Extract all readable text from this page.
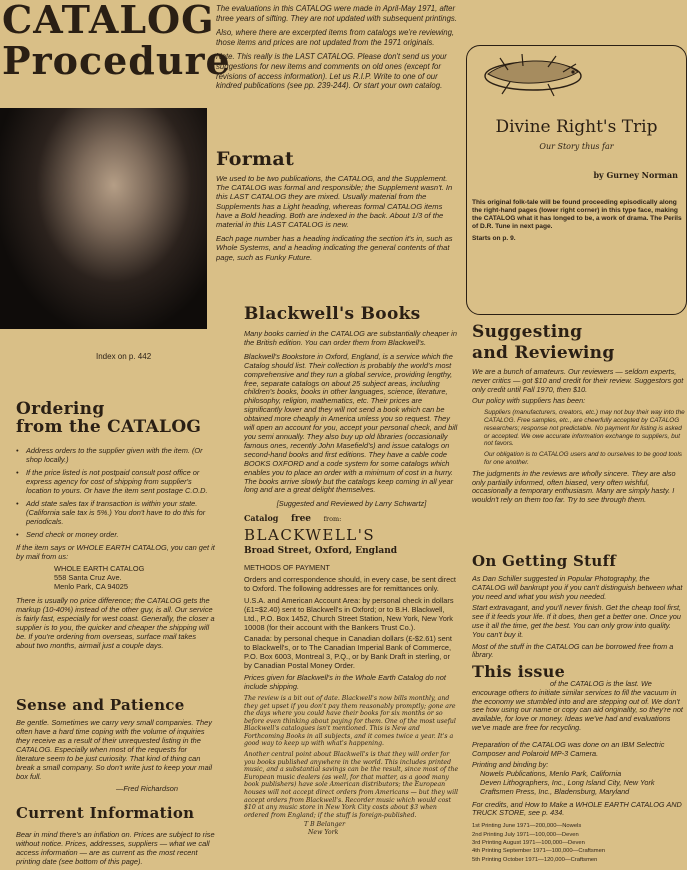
CATALOG
Procedure
Index on p. 442

The evaluations in this CATALOG were made in April-May 1971, after three years of sifting. They are not updated with subsequent printings.

Also, where there are excerpted items from catalogs we're reviewing, those items and prices are not updated from the 1971 originals.

Note. This really is the LAST CATALOG. Please don't send us your suggestions for new items and comments on old ones (except for revisions of access information). Let us R.I.P. Write to one of our kindred publications (see pp. 239-244). Or start your own catalog.

Format

We used to be two publications, the CATALOG, and the Supplement. The CATALOG was formal and responsible; the Supplement wasn't. In this LAST CATALOG they are mixed. Usually material from the Supplements has a Light heading, whereas formal CATALOG items have a Bold heading. Both are indexed in the back. About 1/3 of the material in this LAST CATALOG is new.

Each page number has a heading indicating the section it's in, such as Whole Systems, and a heading indicating the general contents of that page, such as Funky Future.

Divine Right's Trip
Our Story thus far
by Gurney Norman

This original folk-tale will be found proceeding episodically along the right-hand pages (lower right corner) in this type face, making the CATALOG what it has longed to be, a work of drama. The Perils of D.R. Tune in next page.

Starts on p. 9.

Ordering
from the CATALOG
• Address orders to the supplier given with the item. (Or shop locally.)
• If the price listed is not postpaid consult post office or express agency for cost of shipping from supplier's location to yours. Or have the item sent postage C.O.D.
• Add state sales tax if transaction is within your state. (California sale tax is 5%.) You don't have to do this for periodicals.
• Send check or money order.

If the item says or WHOLE EARTH CATALOG, you can get it by mail from us:

WHOLE EARTH CATALOG
558 Santa Cruz Ave.
Menlo Park, CA 94025

There is usually no price difference; the CATALOG gets the markup (10-40%) instead of the other guy, is all. Our service is fairly fast, especially for west coast. Generally, the closer a supplier is to you, the quicker and cheaper the shipping will be. If you're ordering from overseas, surface mail takes about two months, airmail just a couple days.

Sense and Patience

Be gentle. Sometimes we carry very small companies. They often have a hard time coping with the volume of inquiries they receive as a result of their unrequested listing in the CATALOG. Especially when most of the requests for literature seem to be just curiosity. That kind of thing can break a small company. So don't write just to keep your mail box full.

—Fred Richardson
Current Information

Bear in mind there's an inflation on. Prices are subject to rise without notice. Prices, addresses, suppliers — what we call access information — are as current as the most recent printing date (see bottom of this page).

Blackwell's Books

Many books carried in the CATALOG are substantially cheaper in the British edition. You can order them from Blackwell's.

Blackwell's Bookstore in Oxford, England, is a service which the Catalog should list. Their collection is probably the world's most comprehensive and they run a global service, providing lengthy, free, separate catalogs on about 25 subject areas, including children's books, books in other languages, science, literature, philosophy, religion, mathematics, etc. Their prices are significantly lower and they will not send a book which can be obtained more cheaply in America unless you so request. They will open an account for you, accept your personal check, and bill you semi annually. They also buy up old libraries (occasionally famous ones, recently John Masefield's) and issue catalogs on second-hand books and first editions. They have a cable code BOOKS OXFORD and a code system for some catalogs which enables you to place an order with a minimum of cost in a hurry. The books arrive slowly but the catalogs keep coming in all year long and are a great delight themselves.

[Suggested and Reviewed by Larry Schwartz]

Catalog free from:
BLACKWELL'S
Broad Street, Oxford, England

METHODS OF PAYMENT

Orders and correspondence should, in every case, be sent direct to Oxford. The following addresses are for remittances only.

U.S.A. and American Account Area: by personal check in dollars (£1=$2.40) sent to Blackwell's in Oxford; or to B.H. Blackwell, Ltd., P.O. Box 1452, Church Street Station, New York, New York 10008 (for their account with the Bankers Trust Co.).

Canada: by personal cheque in Canadian dollars (£-$2.61) sent to Blackwell's, or to The Canadian Imperial Bank of Commerce, P.O. Box 6003, Montreal 3, P.Q., or by Bank Draft in sterling, or by Canadian Postal Money Order.

Prices given for Blackwell's in the Whole Earth Catalog do not include shipping.

The review is a bit out of date. Blackwell's now bills monthly, and they get upset if you don't pay them reasonably promptly; gone are the days where you could have their books for six months or so before even thinking about paying for them. One of the most useful Blackwell's catalogues isn't mentioned. This is New and Forthcoming Books in all subjects, and it comes twice a year. It's a good way to keep up with what's happening.

Another central point about Blackwell's is that they will order for you books published anywhere in the world. This includes printed music, and a substantial savings can be the result, since most of the European music dealers (as well, for that matter, as a good many book publishers) have sole American distributors; the European houses will not accept direct orders from Americans — but they will accept orders from Blackwell's. Recorder music which would cost $10 at any music store in New York City costs about $3 when ordered from England; if the stuff is foreign-published.

T B Belanger
New York
Suggesting
and Reviewing

We are a bunch of amateurs. Our reviewers — seldom experts, never critics — got $10 and credit for their review. Suggestors got only credit until Fall 1970, then $10.

Our policy with suppliers has been:

Suppliers (manufacturers, creators, etc.) may not buy their way into the CATALOG. Free samples, etc., are cheerfully accepted by CATALOG researchers; response not predictable. No payment for listing is asked or accepted. We owe accurate information exchange to suppliers, but not favors.

Our obligation is to CATALOG users and to ourselves to be good tools for one another.

The judgments in the reviews are wholly sincere. They are also only partially informed, often biased, very often wishful, occasionally a temporary enthusiasm. Many are simply hasty. I wouldn't rely on them too far. Try to see through them.

On Getting Stuff

As Dan Schiller suggested in Popular Photography, the CATALOG will bankrupt you if you can't distinguish between what you need and what you wish you needed.

Start extravagant, and you'll never finish. Get the cheap tool first, see if it feeds your life. If it does, then get a better one. Once you use it all the time, get the best. You can only grow into quality. You can't buy it.

Most of the stuff in the CATALOG can be borrowed free from a library.

This issue

of the CATALOG is the last. We encourage others to initiate similar services to fill the vacuum in the economy we stumbled into and are stepping out of. We don't see how using our name or copy can aid originality, so they're not available, for love or money. Ideas we've had and evaluations we've made are free for recycling.

Preparation of the CATALOG was done on an IBM Selectric Composer and Polaroid MP-3 Camera.

Printing and binding by:

Nowels Publications, Menlo Park, California
Deven Lithographers, Inc., Long Island City, New York
Craftsmen Press, Inc., Bladensburg, Maryland

For credits, and How to Make a WHOLE EARTH CATALOG AND TRUCK STORE, see p. 434.

1st Printing June 1971—200,000—Nowels
2nd Printing July 1971—100,000—Deven
3rd Printing August 1971—100,000—Deven
4th Printing September 1971—100,000—Craftsmen
5th Printing October 1971—120,000—Craftsmen
